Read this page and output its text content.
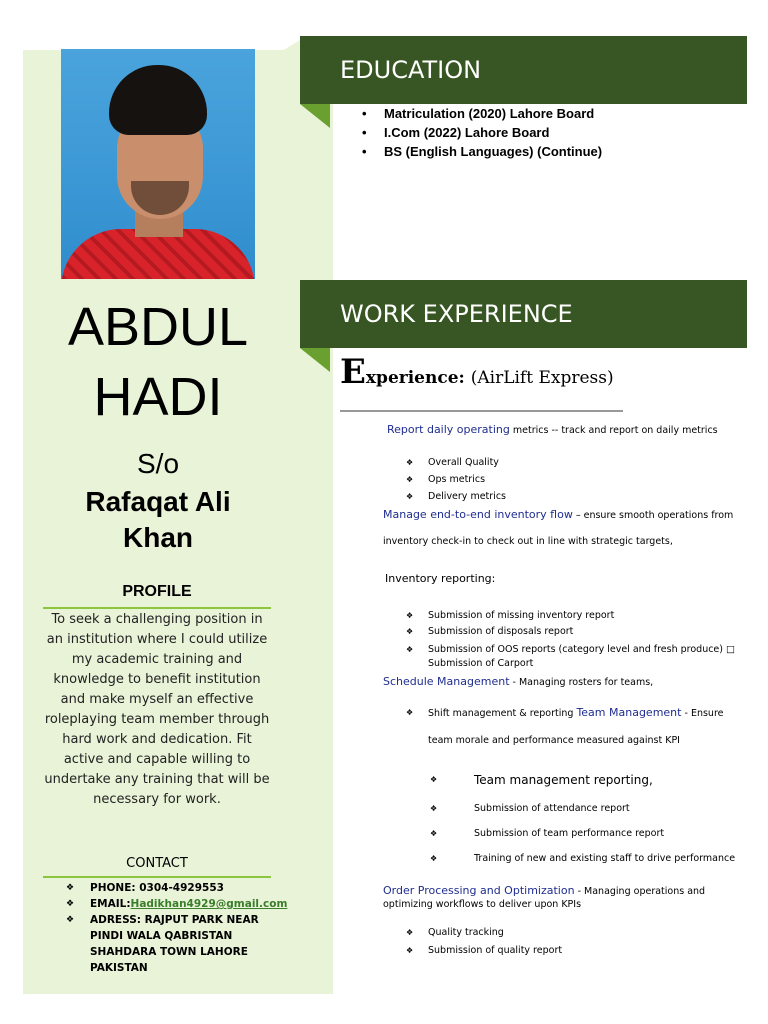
ABDUL
HADI
S/o
Rafaqat Ali
Khan
PROFILE
To seek a challenging position in an institution where I could utilize my academic training and knowledge to benefit institution and make myself an effective roleplaying team member through hard work and dedication. Fit active and capable willing to undertake any training that will be necessary for work.
CONTACT
❖	PHONE: 0304-4929553
❖	EMAIL:Hadikhan4929@gmail.com
❖	ADRESS: RAJPUT PARK NEAR
PINDI WALA QABRISTAN
SHAHDARA TOWN LAHORE
PAKISTAN
EDUCATION
•	Matriculation (2020) Lahore Board
•	I.Com (2022) Lahore Board
•	BS (English Languages) (Continue)
WORK EXPERIENCE
Experience: (AirLift Express)
Report daily operating metrics -- track and report on daily metrics
❖ Overall Quality
❖ Ops metrics
❖ Delivery metrics
Manage end-to-end inventory flow – ensure smooth operations from
inventory check-in to check out in line with strategic targets,
Inventory reporting:
❖ Submission of missing inventory report
❖ Submission of disposals report
❖ Submission of OOS reports (category level and fresh produce) □
Submission of Carport
Schedule Management - Managing rosters for teams,
❖ Shift management & reporting Team Management - Ensure
team morale and performance measured against KPI
❖	Team management reporting,
❖	Submission of attendance report
❖	Submission of team performance report
❖	Training of new and existing staff to drive performance
Order Processing and Optimization - Managing operations and
optimizing workflows to deliver upon KPIs
❖ Quality tracking
❖ Submission of quality report
